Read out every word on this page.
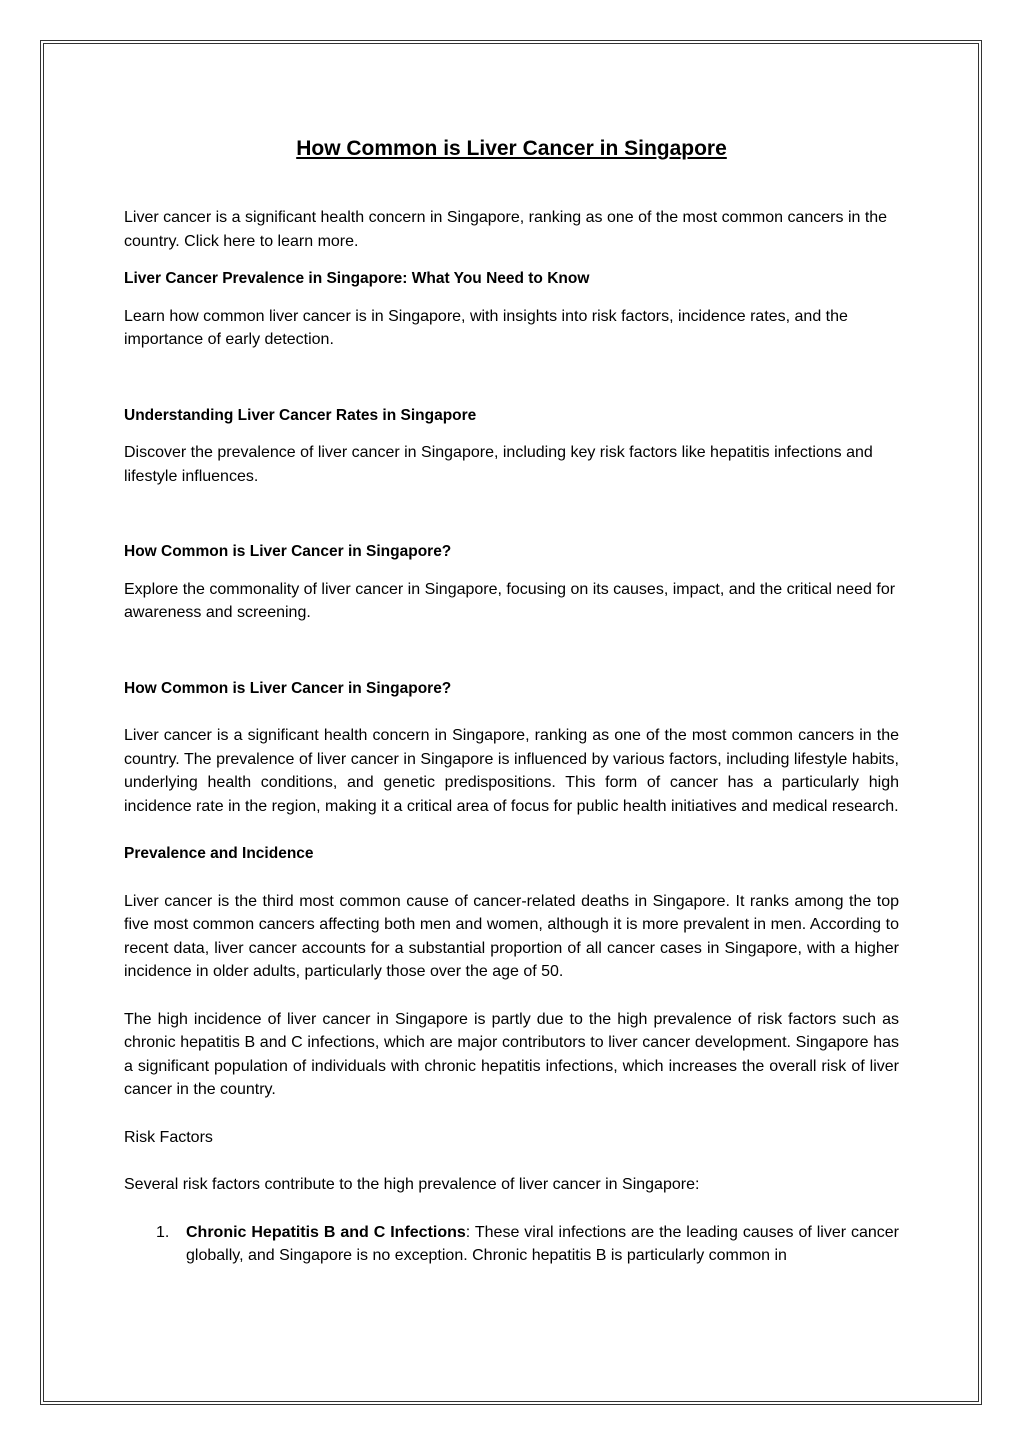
How Common is Liver Cancer in Singapore

Liver cancer is a significant health concern in Singapore, ranking as one of the most common cancers in the country. Click here to learn more.

Liver Cancer Prevalence in Singapore: What You Need to Know

Learn how common liver cancer is in Singapore, with insights into risk factors, incidence rates, and the importance of early detection.

Understanding Liver Cancer Rates in Singapore

Discover the prevalence of liver cancer in Singapore, including key risk factors like hepatitis infections and lifestyle influences.

How Common is Liver Cancer in Singapore?

Explore the commonality of liver cancer in Singapore, focusing on its causes, impact, and the critical need for awareness and screening.

How Common is Liver Cancer in Singapore?

Liver cancer is a significant health concern in Singapore, ranking as one of the most common cancers in the country. The prevalence of liver cancer in Singapore is influenced by various factors, including lifestyle habits, underlying health conditions, and genetic predispositions. This form of cancer has a particularly high incidence rate in the region, making it a critical area of focus for public health initiatives and medical research.

Prevalence and Incidence

Liver cancer is the third most common cause of cancer-related deaths in Singapore. It ranks among the top five most common cancers affecting both men and women, although it is more prevalent in men. According to recent data, liver cancer accounts for a substantial proportion of all cancer cases in Singapore, with a higher incidence in older adults, particularly those over the age of 50.

The high incidence of liver cancer in Singapore is partly due to the high prevalence of risk factors such as chronic hepatitis B and C infections, which are major contributors to liver cancer development. Singapore has a significant population of individuals with chronic hepatitis infections, which increases the overall risk of liver cancer in the country.

Risk Factors

Several risk factors contribute to the high prevalence of liver cancer in Singapore:

1. Chronic Hepatitis B and C Infections: These viral infections are the leading causes of liver cancer globally, and Singapore is no exception. Chronic hepatitis B is particularly common in
